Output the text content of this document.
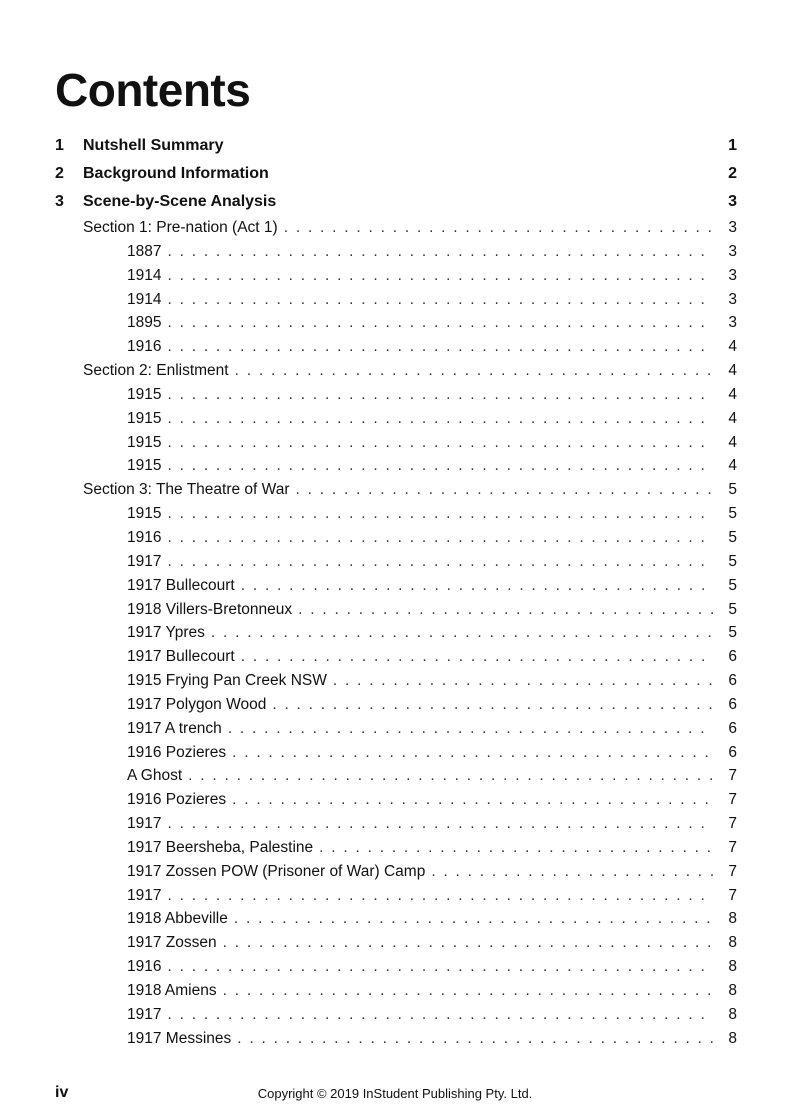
Contents
1	Nutshell Summary	1
2	Background Information	2
3	Scene-by-Scene Analysis	3
Section 1: Pre-nation (Act 1) . . .	3
1887 . . .	3
1914 . . .	3
1914 . . .	3
1895 . . .	3
1916 . . .	4
Section 2: Enlistment . . .	4
1915 . . .	4
1915 . . .	4
1915 . . .	4
1915 . . .	4
Section 3: The Theatre of War . . .	5
1915 . . .	5
1916 . . .	5
1917 . . .	5
1917 Bullecourt . . .	5
1918 Villers-Bretonneux . . .	5
1917 Ypres . . .	5
1917 Bullecourt . . .	6
1915 Frying Pan Creek NSW . . .	6
1917 Polygon Wood . . .	6
1917 A trench . . .	6
1916 Pozieres . . .	6
A Ghost . . .	7
1916 Pozieres . . .	7
1917 . . .	7
1917 Beersheba, Palestine . . .	7
1917 Zossen POW (Prisoner of War) Camp . . .	7
1917 . . .	7
1918 Abbeville . . .	8
1917 Zossen . . .	8
1916 . . .	8
1918 Amiens . . .	8
1917 . . .	8
1917 Messines . . .	8
iv	Copyright © 2019 InStudent Publishing Pty. Ltd.
